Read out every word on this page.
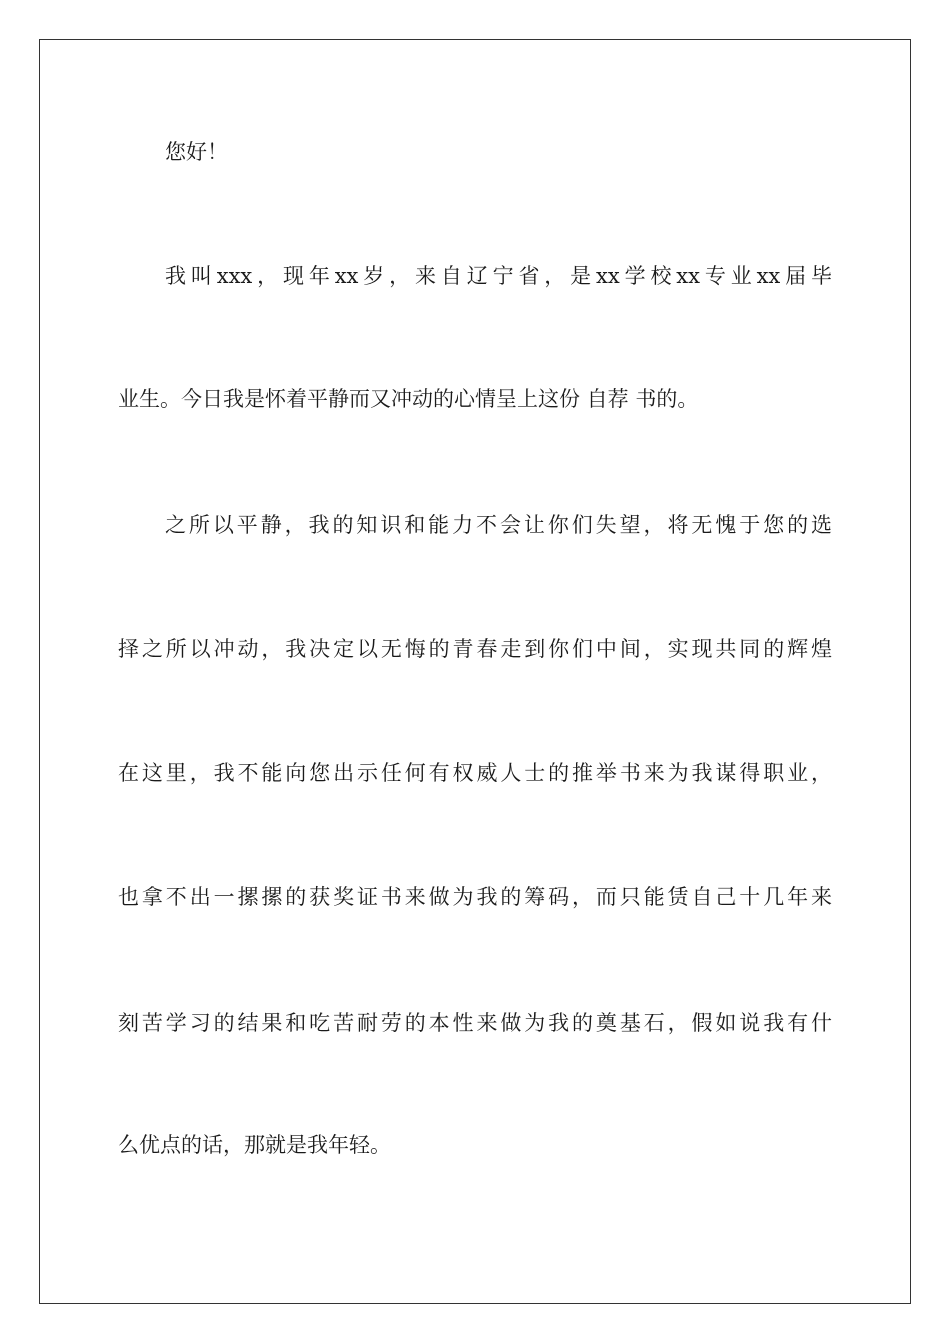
您好！
我叫xxx，现年xx岁，来自辽宁省，是xx学校xx专业xx届毕
业生。今日我是怀着平静而又冲动的心情呈上这份 自荐 书的。
之所以平静，我的知识和能力不会让你们失望，将无愧于您的选
择之所以冲动，我决定以无悔的青春走到你们中间，实现共同的辉煌
在这里，我不能向您出示任何有权威人士的推举书来为我谋得职业，
也拿不出一摞摞的获奖证书来做为我的筹码，而只能赁自己十几年来
刻苦学习的结果和吃苦耐劳的本性来做为我的奠基石，假如说我有什
么优点的话，那就是我年轻。
